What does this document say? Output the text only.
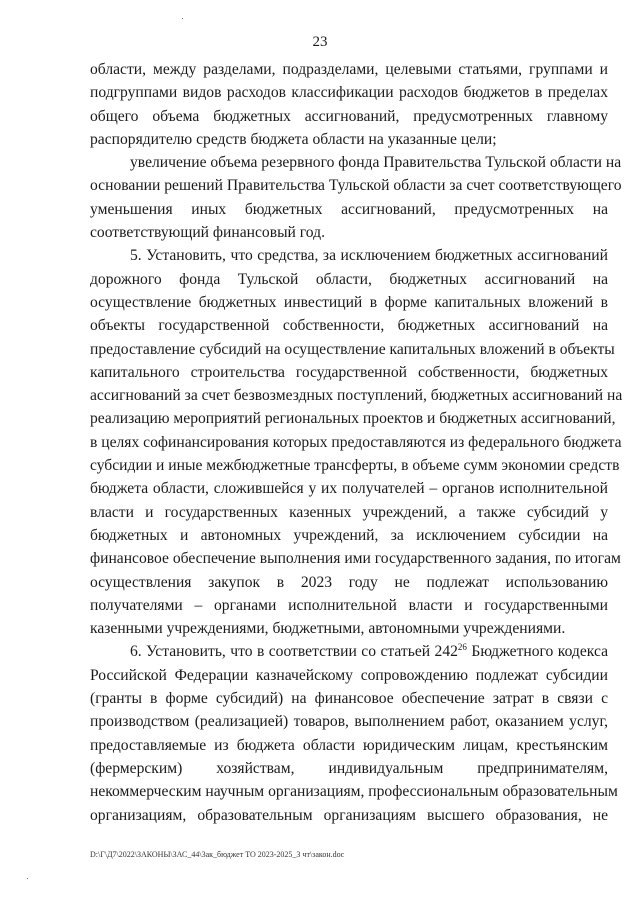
23
области, между разделами, подразделами, целевыми статьями, группами и
подгруппами видов расходов классификации расходов бюджетов в пределах
общего объема бюджетных ассигнований, предусмотренных главному
распорядителю средств бюджета области на указанные цели;
увеличение объема резервного фонда Правительства Тульской области на
основании решений Правительства Тульской области за счет соответствующего
уменьшения иных бюджетных ассигнований, предусмотренных на
соответствующий финансовый год.
5. Установить, что средства, за исключением бюджетных ассигнований
дорожного фонда Тульской области, бюджетных ассигнований на
осуществление бюджетных инвестиций в форме капитальных вложений в
объекты государственной собственности, бюджетных ассигнований на
предоставление субсидий на осуществление капитальных вложений в объекты
капитального строительства государственной собственности, бюджетных
ассигнований за счет безвозмездных поступлений, бюджетных ассигнований на
реализацию мероприятий региональных проектов и бюджетных ассигнований,
в целях софинансирования которых предоставляются из федерального бюджета
субсидии и иные межбюджетные трансферты, в объеме сумм экономии средств
бюджета области, сложившейся у их получателей – органов исполнительной
власти и государственных казенных учреждений, а также субсидий у
бюджетных и автономных учреждений, за исключением субсидии на
финансовое обеспечение выполнения ими государственного задания, по итогам
осуществления закупок в 2023 году не подлежат использованию
получателями – органами исполнительной власти и государственными
казенными учреждениями, бюджетными, автономными учреждениями.
6. Установить, что в соответствии со статьей $242^{26}$ Бюджетного кодекса
Российской Федерации казначейскому сопровождению подлежат субсидии
(гранты в форме субсидий) на финансовое обеспечение затрат в связи с
производством (реализацией) товаров, выполнением работ, оказанием услуг,
предоставляемые из бюджета области юридическим лицам, крестьянским
(фермерским) хозяйствам, индивидуальным предпринимателям,
некоммерческим научным организациям, профессиональным образовательным
организациям, образовательным организациям высшего образования, не
D:\Г\Д7\2022\ЗАКОНЫ\ЗАС_44\3ак_бюджет ТО 2023-2025_3 чт\закон.doc
